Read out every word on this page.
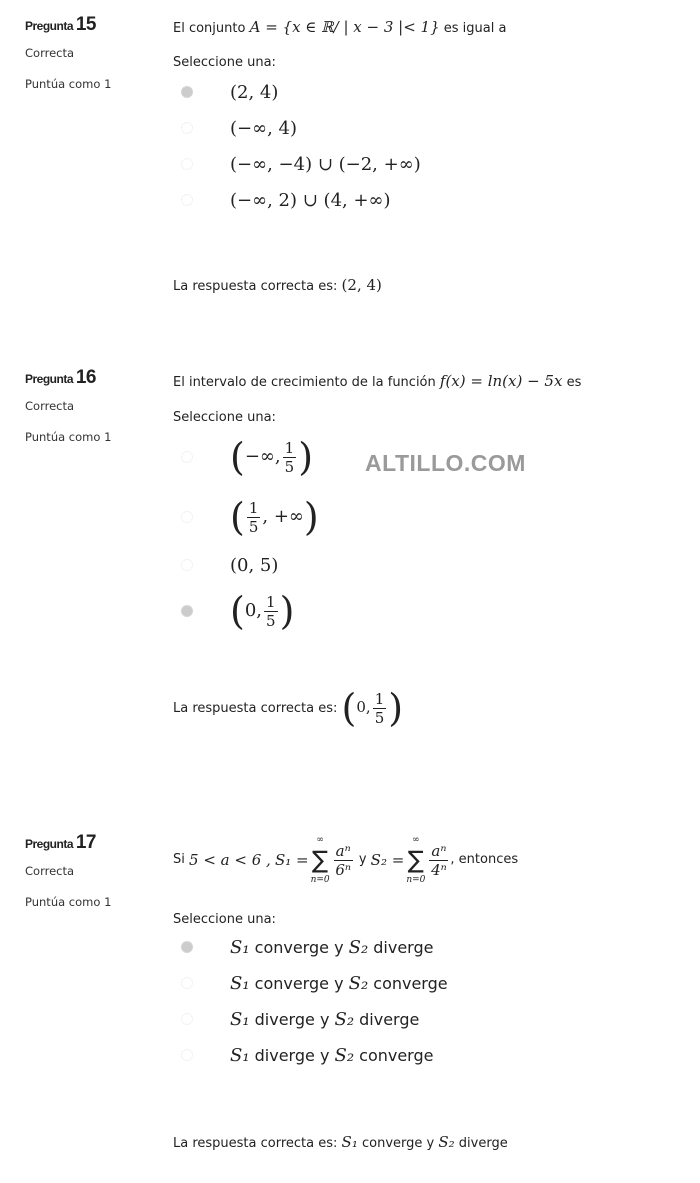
Pregunta 15
Correcta
Puntúa como 1
El conjunto A = {x ∈ ℝ/ | x − 3 |< 1} es igual a
Seleccione una:
(2, 4)
(−∞, 4)
(−∞, −4) ∪ (−2, +∞)
(−∞, 2) ∪ (4, +∞)
La respuesta correcta es: (2, 4)
Pregunta 16
Correcta
Puntúa como 1
El intervalo de crecimiento de la función f(x) = ln(x) − 5x es
Seleccione una:
(−∞, $\frac{1}{5}$ )
( $\frac{1}{5}$ , +∞)
(0, 5)
(0, $\frac{1}{5}$ )
La respuesta correcta es:
(0, $\frac{1}{5}$ )
ALTILLO.COM
Pregunta 17
Correcta
Puntúa como 1
Si
5 < a < 6 ,
S₁ =
∞
∑
n=0
$\frac{\text{aⁿ}}{\text{6ⁿ}}$
y
S₂ =
∞
∑
n=0
$\frac{\text{aⁿ}}{\text{4ⁿ}}$ , entonces
Seleccione una:
S₁
converge y
S₂
diverge
S₁
converge y
S₂
converge
S₁
diverge y
S₂
diverge
S₁
diverge y
S₂
converge
La respuesta correcta es: S₁ converge y S₂ diverge
